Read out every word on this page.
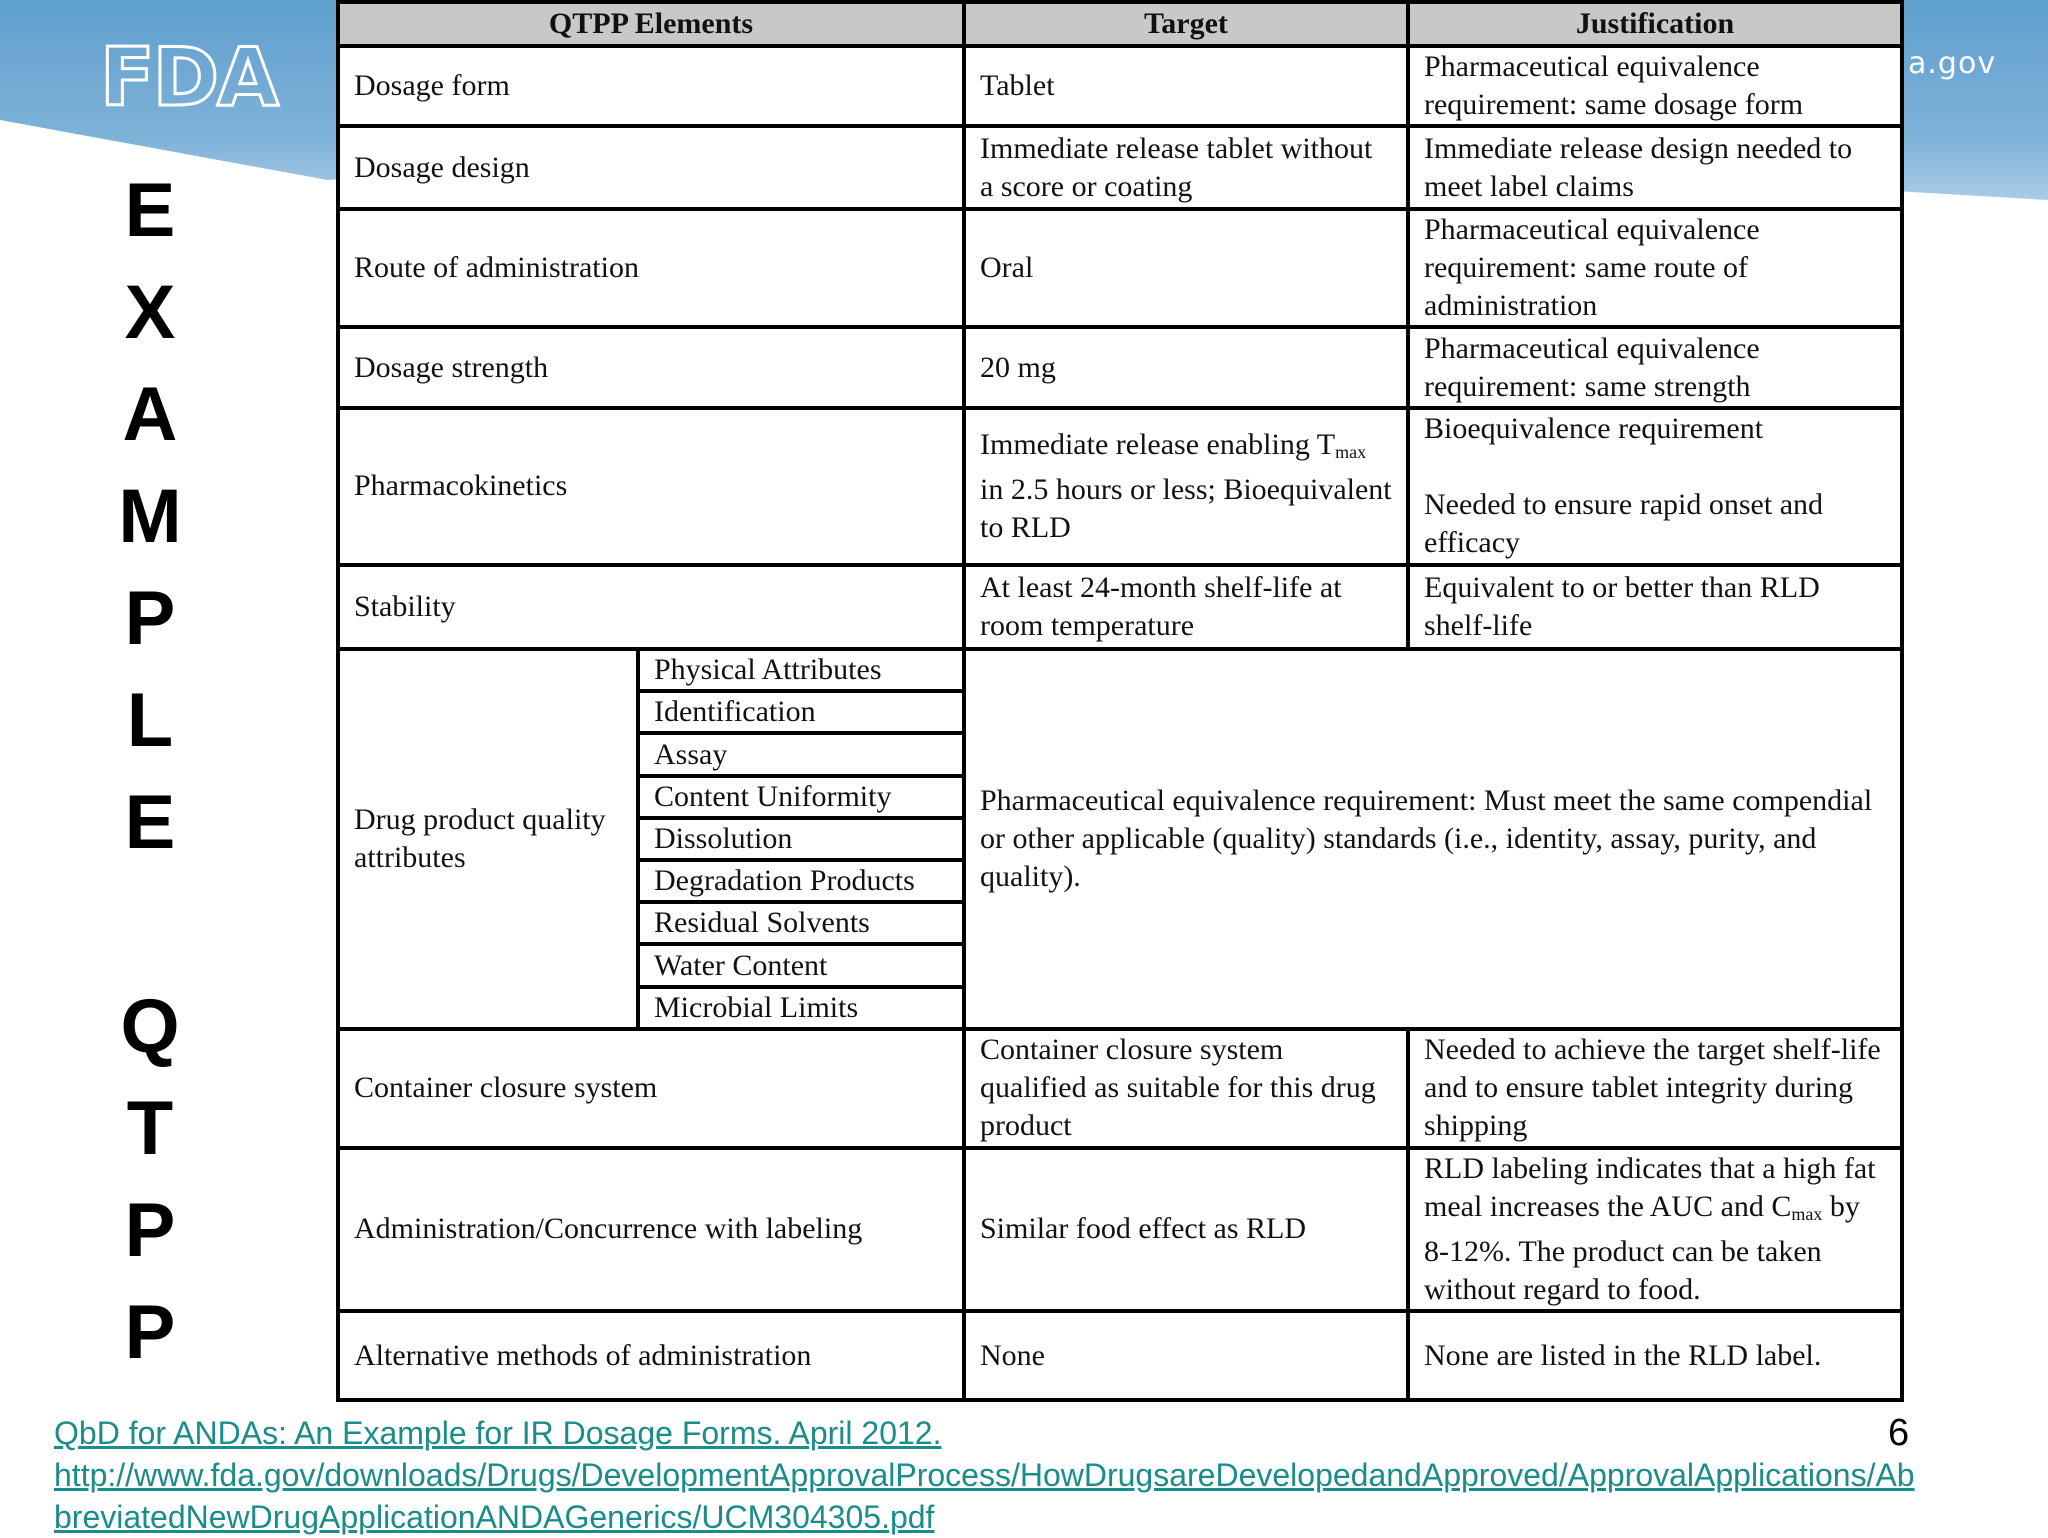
FDA	a.gov
E
X
A
M
P
L
E
Q
T
P
P
QTPP Elements		Target	Justification
Dosage form		Tablet	Pharmaceutical equivalence requirement: same dosage form
Dosage design		Immediate release tablet without a score or coating	Immediate release design needed to meet label claims
Route of administration		Oral	Pharmaceutical equivalence requirement: same route of administration
Dosage strength		20 mg	Pharmaceutical equivalence requirement: same strength
Pharmacokinetics		Immediate release enabling $T_{max}$ in 2.5 hours or less; Bioequivalent to RLD	Bioequivalence requirement
Needed to ensure rapid onset and efficacy

Stability		At least 24-month shelf-life at room temperature	Equivalent to or better than RLD shelf-life
Drug product quality attributes	Physical Attributes	Pharmaceutical equivalence requirement: Must meet the same compendial or other applicable (quality) standards (i.e., identity, assay, purity, and quality).	
	Identification		
	Assay		
	Content Uniformity		
	Dissolution		
	Degradation Products		
	Residual Solvents		
	Water Content		
	Microbial Limits		
Container closure system		Container closure system qualified as suitable for this drug product	Needed to achieve the target shelf-life and to ensure tablet integrity during shipping
Administration/Concurrence with labeling		Similar food effect as RLD	RLD labeling indicates that a high fat meal increases the AUC and $C_{max}$ by 8-12%. The product can be taken without regard to food.
Alternative methods of administration		None	None are listed in the RLD label.
QbD for ANDAs: An Example for IR Dosage Forms. April 2012.
http://www.fda.gov/downloads/Drugs/DevelopmentApprovalProcess/HowDrugsareDevelopedandApproved/ApprovalApplications/AbbreviatedNewDrugApplicationANDAGenerics/UCM304305.pdf
6
